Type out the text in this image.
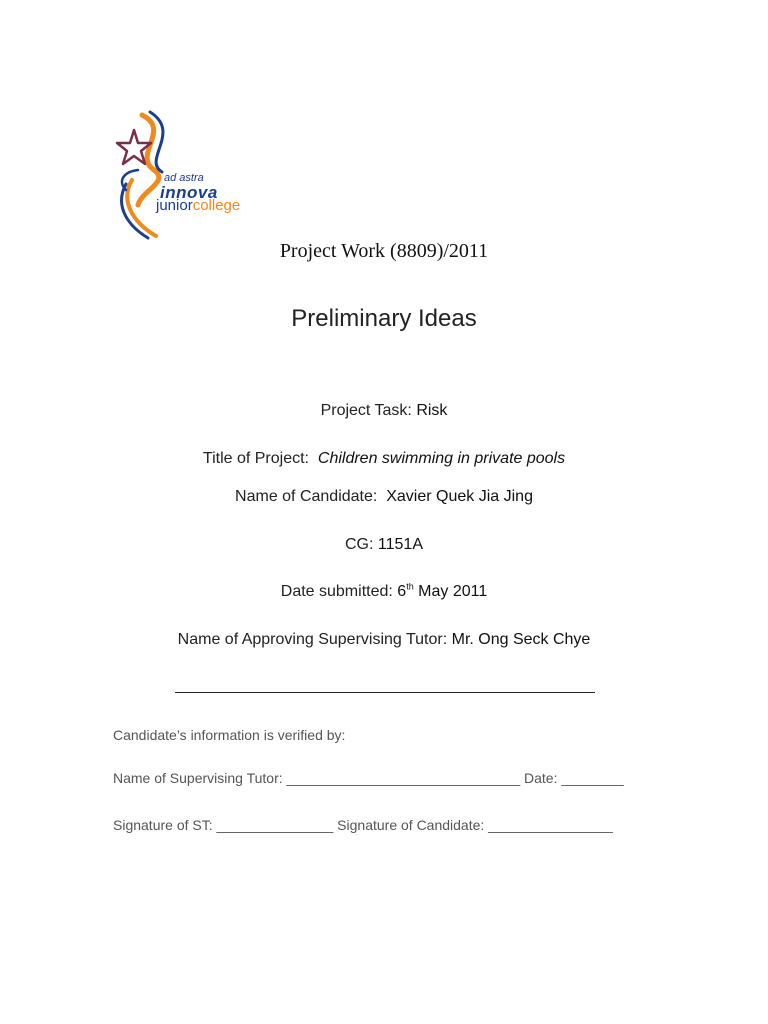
ad astra
innova
juniorcollege
Project Work (8809)/2011
Preliminary Ideas
Project Task: Risk
Title of Project: Children swimming in private pools
Name of Candidate: Xavier Quek Jia Jing
CG: 1151A
Date submitted: 6th May 2011
Name of Approving Supervising Tutor: Mr. Ong Seck Chye
Candidate’s information is verified by:
Name of Supervising Tutor: ______________________________ Date: ________
Signature of ST: _______________ Signature of Candidate: ________________
